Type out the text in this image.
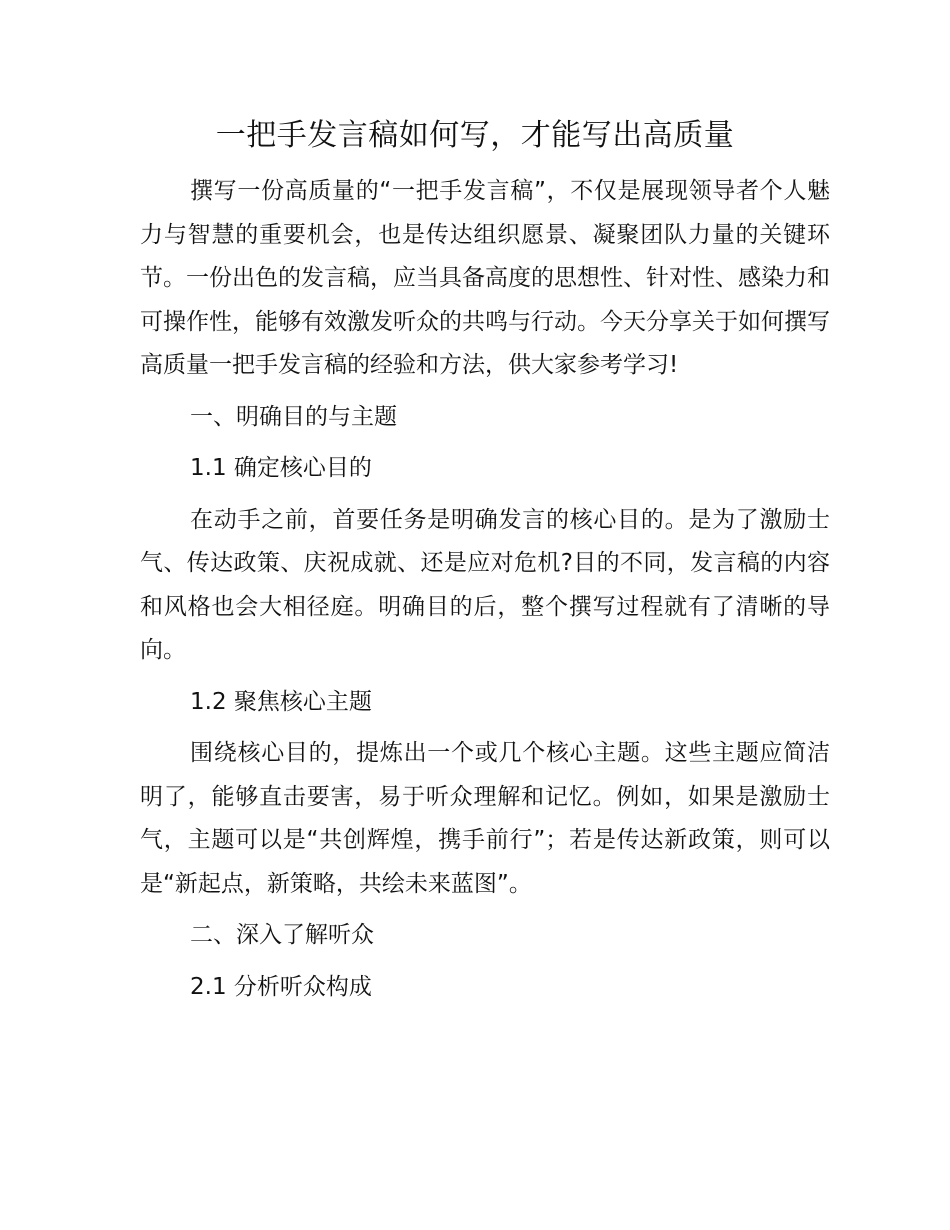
一把手发言稿如何写，才能写出高质量

撰写一份高质量的“一把手发言稿”，不仅是展现领导者个人魅力与智慧的重要机会，也是传达组织愿景、凝聚团队力量的关键环节。一份出色的发言稿，应当具备高度的思想性、针对性、感染力和可操作性，能够有效激发听众的共鸣与行动。今天分享关于如何撰写高质量一把手发言稿的经验和方法，供大家参考学习!

一、明确目的与主题

1.1 确定核心目的

在动手之前，首要任务是明确发言的核心目的。是为了激励士气、传达政策、庆祝成就、还是应对危机?目的不同，发言稿的内容和风格也会大相径庭。明确目的后，整个撰写过程就有了清晰的导向。

1.2 聚焦核心主题

围绕核心目的，提炼出一个或几个核心主题。这些主题应简洁明了，能够直击要害，易于听众理解和记忆。例如，如果是激励士气，主题可以是“共创辉煌，携手前行”；若是传达新政策，则可以是“新起点，新策略，共绘未来蓝图”。

二、深入了解听众

2.1 分析听众构成
